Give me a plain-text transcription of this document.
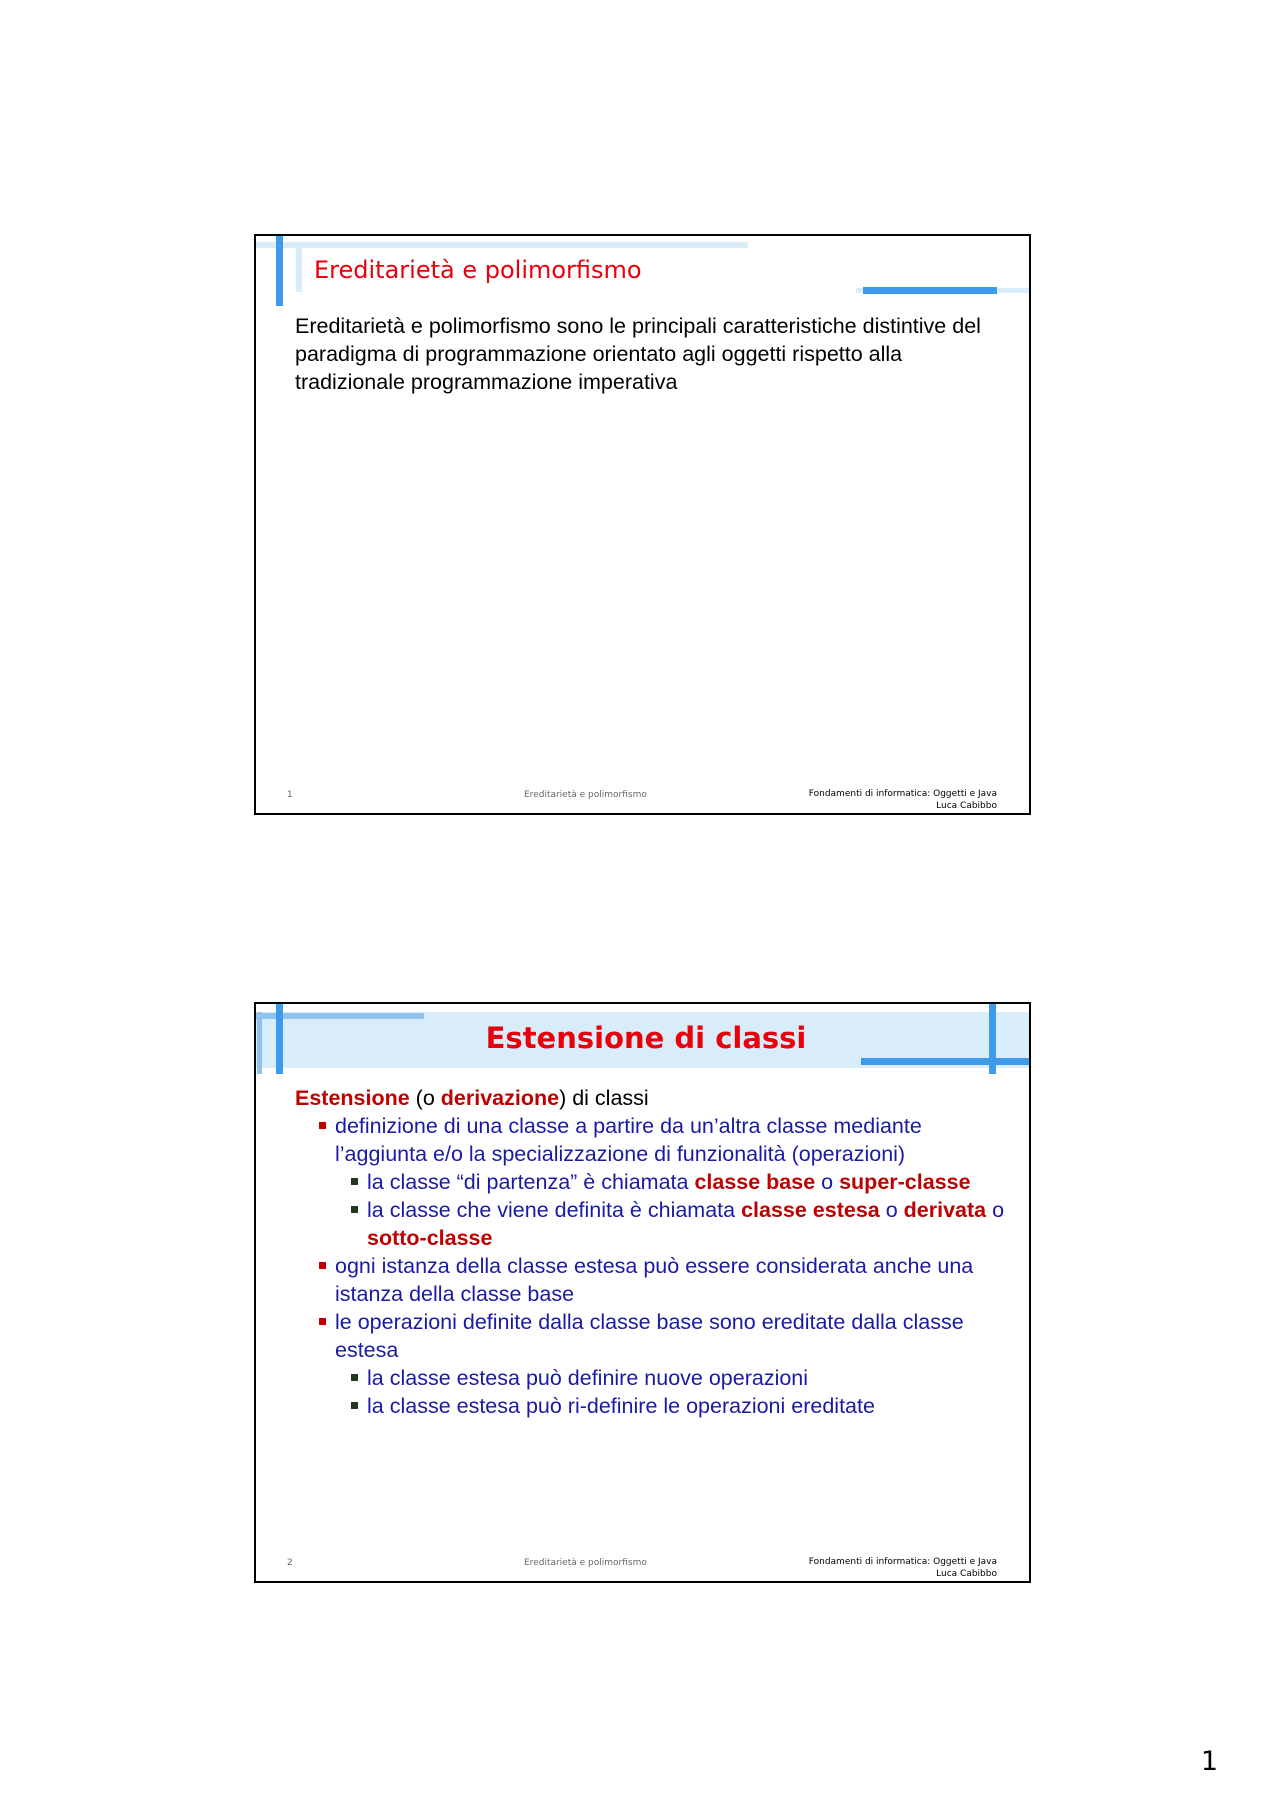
Ereditarietà e polimorfismo

Ereditarietà e polimorfismo sono le principali caratteristiche distintive del paradigma di programmazione orientato agli oggetti rispetto alla tradizionale programmazione imperativa

1	Ereditarietà e polimorfismo	Fondamenti di informatica: Oggetti e Java
Luca Cabibbo
Estensione di classi
Estensione (o derivazione) di classi
definizione di una classe a partire da un’altra classe mediante l’aggiunta e/o la specializzazione di funzionalità (operazioni)
la classe “di partenza” è chiamata classe base o super-classe
la classe che viene definita è chiamata classe estesa o derivata o sotto-classe
ogni istanza della classe estesa può essere considerata anche una istanza della classe base
le operazioni definite dalla classe base sono ereditate dalla classe estesa
la classe estesa può definire nuove operazioni
la classe estesa può ri-definire le operazioni ereditate
2	Ereditarietà e polimorfismo	Fondamenti di informatica: Oggetti e Java
Luca Cabibbo
1
